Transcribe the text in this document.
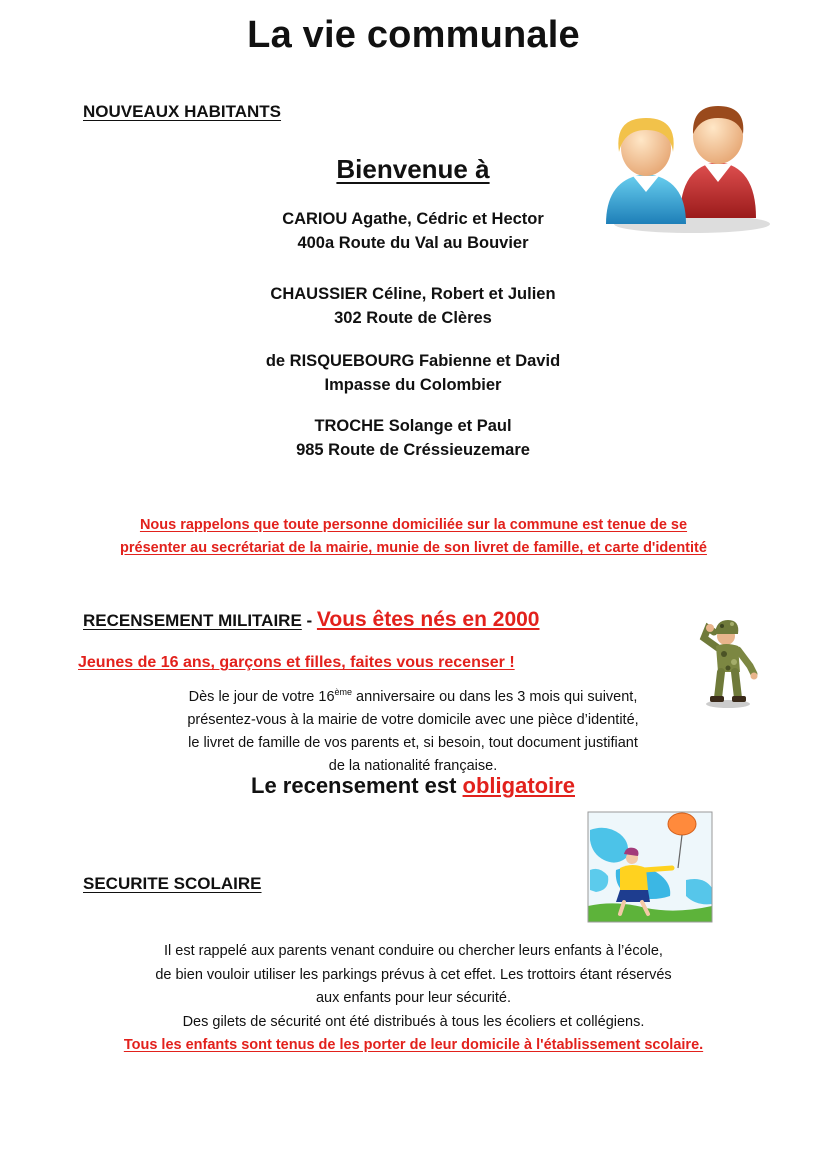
La vie communale
NOUVEAUX HABITANTS
Bienvenue à
CARIOU Agathe, Cédric et Hector
400a Route du Val au Bouvier
CHAUSSIER Céline, Robert et Julien
302 Route de Clères
de RISQUEBOURG Fabienne et David
Impasse du Colombier
TROCHE Solange et Paul
985 Route de Créssieuzemare
Nous rappelons que toute personne domiciliée sur la commune est tenue de se
présenter au secrétariat de la mairie, munie de son livret de famille, et carte d'identité
RECENSEMENT MILITAIRE - Vous êtes nés en 2000
Jeunes de 16 ans, garçons et filles, faites vous recenser !
Dès le jour de votre 16ème anniversaire ou dans les 3 mois qui suivent,
présentez-vous à la mairie de votre domicile avec une pièce d’identité,
le livret de famille de vos parents et, si besoin, tout document justifiant
de la nationalité française.
Le recensement est obligatoire
SECURITE SCOLAIRE
Il est rappelé aux parents venant conduire ou chercher leurs enfants à l’école,
de bien vouloir utiliser les parkings prévus à cet effet. Les trottoirs étant réservés
aux enfants pour leur sécurité.
Des gilets de sécurité ont été distribués à tous les écoliers et collégiens.
Tous les enfants sont tenus de les porter de leur domicile à l'établissement scolaire.
